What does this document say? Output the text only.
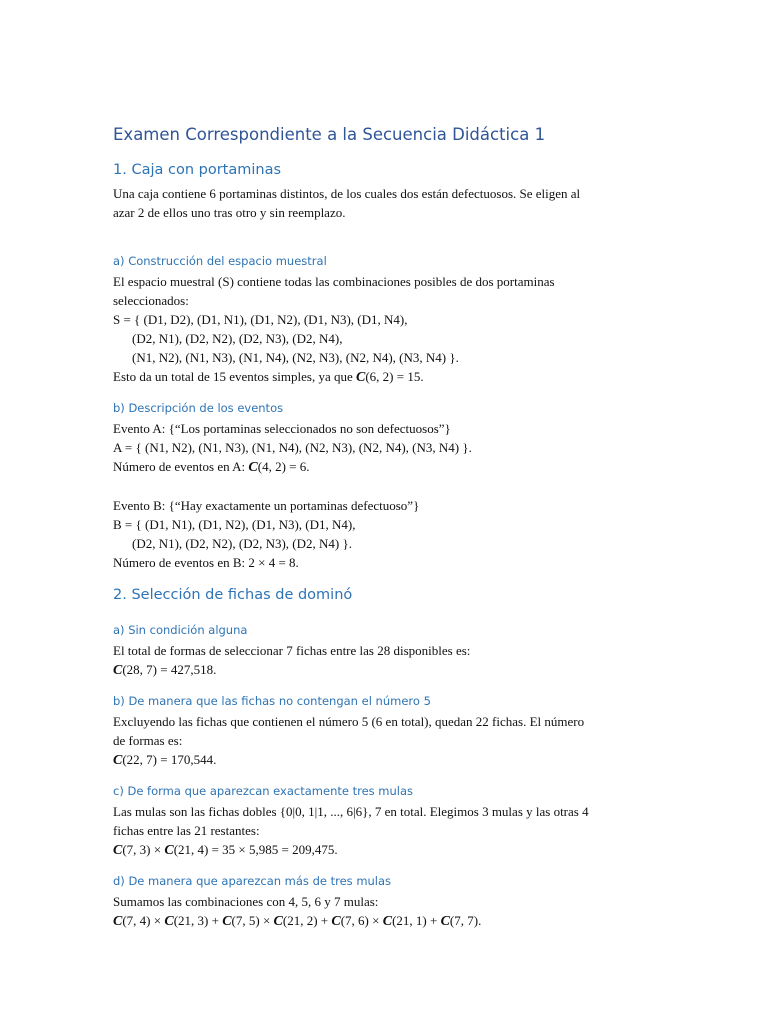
Examen Correspondiente a la Secuencia Didáctica 1
1. Caja con portaminas

Una caja contiene 6 portaminas distintos, de los cuales dos están defectuosos. Se eligen al

azar 2 de ellos uno tras otro y sin reemplazo.

a) Construcción del espacio muestral

El espacio muestral (S) contiene todas las combinaciones posibles de dos portaminas

seleccionados:

S = { (D1, D2), (D1, N1), (D1, N2), (D1, N3), (D1, N4),

(D2, N1), (D2, N2), (D2, N3), (D2, N4),

(N1, N2), (N1, N3), (N1, N4), (N2, N3), (N2, N4), (N3, N4) }.

Esto da un total de 15 eventos simples, ya que C(6, 2) = 15.

b) Descripción de los eventos

Evento A: {“Los portaminas seleccionados no son defectuosos”}

A = { (N1, N2), (N1, N3), (N1, N4), (N2, N3), (N2, N4), (N3, N4) }.

Número de eventos en A: C(4, 2) = 6.

Evento B: {“Hay exactamente un portaminas defectuoso”}

B = { (D1, N1), (D1, N2), (D1, N3), (D1, N4),

(D2, N1), (D2, N2), (D2, N3), (D2, N4) }.

Número de eventos en B: 2 × 4 = 8.

2. Selección de fichas de dominó
a) Sin condición alguna

El total de formas de seleccionar 7 fichas entre las 28 disponibles es:

C(28, 7) = 427,518.

b) De manera que las fichas no contengan el número 5

Excluyendo las fichas que contienen el número 5 (6 en total), quedan 22 fichas. El número

de formas es:

C(22, 7) = 170,544.

c) De forma que aparezcan exactamente tres mulas

Las mulas son las fichas dobles {0|0, 1|1, ..., 6|6}, 7 en total. Elegimos 3 mulas y las otras 4

fichas entre las 21 restantes:

C(7, 3) × C(21, 4) = 35 × 5,985 = 209,475.

d) De manera que aparezcan más de tres mulas

Sumamos las combinaciones con 4, 5, 6 y 7 mulas:

C(7, 4) × C(21, 3) + C(7, 5) × C(21, 2) + C(7, 6) × C(21, 1) + C(7, 7).
